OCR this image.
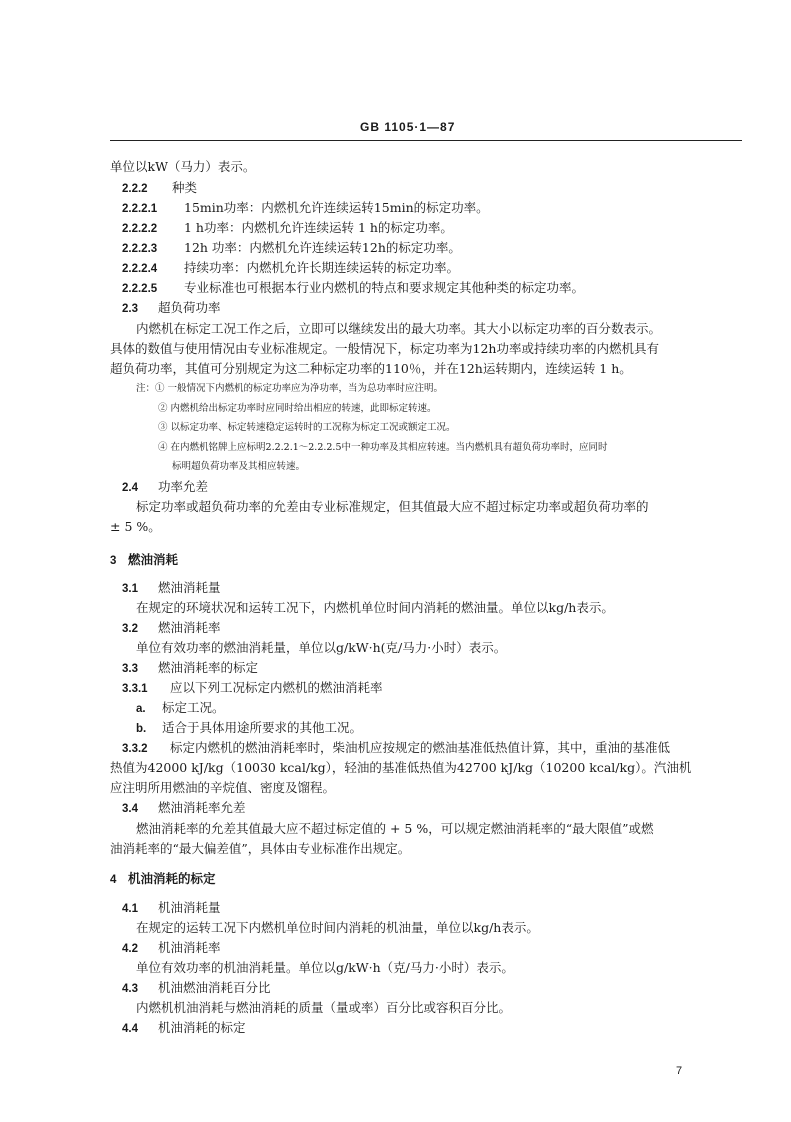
GB 1105·1—87
单位以kW（马力）表示。
2.2.2 种类
2.2.2.1 15min功率：内燃机允许连续运转15min的标定功率。
2.2.2.2 1 h功率：内燃机允许连续运转 1 h的标定功率。
2.2.2.3 12h 功率：内燃机允许连续运转12h的标定功率。
2.2.2.4 持续功率：内燃机允许长期连续运转的标定功率。
2.2.2.5 专业标准也可根据本行业内燃机的特点和要求规定其他种类的标定功率。
2.3 超负荷功率
内燃机在标定工况工作之后，立即可以继续发出的最大功率。其大小以标定功率的百分数表示。
具体的数值与使用情况由专业标准规定。一般情况下，标定功率为12h功率或持续功率的内燃机具有
超负荷功率，其值可分别规定为这二种标定功率的110％，并在12h运转期内，连续运转 1 h。
注：① 一般情况下内燃机的标定功率应为净功率，当为总功率时应注明。
② 内燃机给出标定功率时应同时给出相应的转速，此即标定转速。
③ 以标定功率、标定转速稳定运转时的工况称为标定工况或额定工况。
④ 在内燃机铭牌上应标明2.2.2.1～2.2.2.5中一种功率及其相应转速。当内燃机具有超负荷功率时，应同时
标明超负荷功率及其相应转速。
2.4 功率允差
标定功率或超负荷功率的允差由专业标准规定，但其值最大应不超过标定功率或超负荷功率的
± 5 %。
3 燃油消耗
3.1 燃油消耗量
在规定的环境状况和运转工况下，内燃机单位时间内消耗的燃油量。单位以kg/h表示。
3.2 燃油消耗率
单位有效功率的燃油消耗量，单位以g/kW·h(克/马力·小时）表示。
3.3 燃油消耗率的标定
3.3.1 应以下列工况标定内燃机的燃油消耗率
a. 标定工况。
b. 适合于具体用途所要求的其他工况。
3.3.2 标定内燃机的燃油消耗率时，柴油机应按规定的燃油基准低热值计算，其中，重油的基准低
热值为42000 kJ/kg（10030 kcal/kg），轻油的基准低热值为42700 kJ/kg（10200 kcal/kg）。汽油机
应注明所用燃油的辛烷值、密度及馏程。
3.4 燃油消耗率允差
燃油消耗率的允差其值最大应不超过标定值的 + 5 %，可以规定燃油消耗率的“最大限值”或燃
油消耗率的“最大偏差值”，具体由专业标准作出规定。
4 机油消耗的标定
4.1 机油消耗量
在规定的运转工况下内燃机单位时间内消耗的机油量，单位以kg/h表示。
4.2 机油消耗率
单位有效功率的机油消耗量。单位以g/kW·h（克/马力·小时）表示。
4.3 机油燃油消耗百分比
内燃机机油消耗与燃油消耗的质量（量或率）百分比或容积百分比。
4.4 机油消耗的标定
7
